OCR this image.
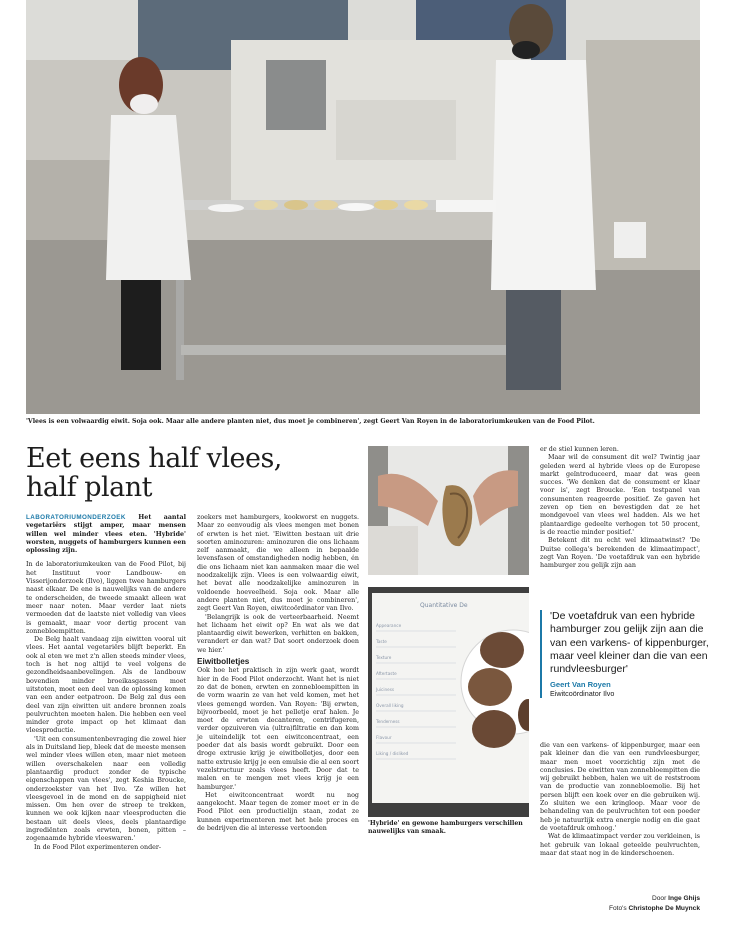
'Vlees is een volwaardig eiwit. Soja ook. Maar alle andere planten niet, dus moet je combineren', zegt Geert Van Royen in de laboratoriumkeuken van de Food Pilot.
Eet eens half vlees,
half plant

LABORATORIUMONDERZOEK Het aantal vegetariërs stijgt amper, maar mensen willen wel minder vlees eten. 'Hybride' worsten, nuggets of hamburgers kunnen een oplossing zijn.

In de laboratoriumkeuken van de Food Pilot, bij het Instituut voor Landbouw- en Visserijonderzoek (Ilvo), liggen twee hamburgers naast elkaar. De ene is nauwelijks van de andere te onderscheiden, de tweede smaakt alleen wat meer naar noten. Maar verder laat niets vermoeden dat de laatste niet volledig van vlees is gemaakt, maar voor dertig procent van zonnebloempitten.

De Belg haalt vandaag zijn eiwitten vooral uit vlees. Het aantal vegetariërs blijft beperkt. En ook al eten we met z'n allen steeds minder vlees, toch is het nog altijd te veel volgens de gezondheidsaanbevelingen. Als de landbouw bovendien minder broeikasgassen moet uitstoten, moet een deel van de oplossing komen van een ander eetpatroon. De Belg zal dus een deel van zijn eiwitten uit andere bronnen zoals peulvruchten moeten halen. Die hebben een veel minder grote impact op het klimaat dan vleesproductie.

'Uit een consumentenbevraging die zowel hier als in Duitsland liep, bleek dat de meeste mensen wel minder vlees willen eten, maar niet meteen willen overschakelen naar een volledig plantaardig product zonder de typische eigenschappen van vlees', zegt Keshia Broucke, onderzoekster van het Ilvo. 'Ze willen het vleesgevoel in de mond en de sappigheid niet missen. Om hen over de streep te trekken, kunnen we ook kijken naar vleesproducten die bestaan uit deels vlees, deels plantaardige ingrediënten zoals erwten, bonen, pitten – zogenaamde hybride vleeswaren.'

In de Food Pilot experimenteren onder-

zoekers met hamburgers, kookworst en nuggets. Maar zo eenvoudig als vlees mengen met bonen of erwten is het niet. 'Eiwitten bestaan uit drie soorten aminozuren: aminozuren die ons lichaam zelf aanmaakt, die we alleen in bepaalde levensfasen of omstandigheden nodig hebben, én die ons lichaam niet kan aanmaken maar die wel noodzakelijk zijn. Vlees is een volwaardig eiwit, het bevat alle noodzakelijke aminozuren in voldoende hoeveelheid. Soja ook. Maar alle andere planten niet, dus moet je combineren', zegt Geert Van Royen, eiwitcoördinator van Ilvo.

'Belangrijk is ook de verteerbaarheid. Neemt het lichaam het eiwit op? En wat als we dat plantaardig eiwit bewerken, verhitten en bakken, verandert er dan wat? Dat soort onderzoek doen we hier.'

Eiwitbolletjes

Ook hoe het praktisch in zijn werk gaat, wordt hier in de Food Pilot onderzocht. Want het is niet zo dat de bonen, erwten en zonnebloempitten in de vorm waarin ze van het veld komen, met het vlees gemengd worden. Van Royen: 'Bij erwten, bijvoorbeeld, moet je het pelletje eraf halen. Je moet de erwten decanteren, centrifugeren, verder opzuiveren via (ultra)filtratie en dan kom je uiteindelijk tot een eiwitconcentraat, een poeder dat als basis wordt gebruikt. Door een droge extrusie krijg je eiwitbolletjes, door een natte extrusie krijg je een emulsie die al een soort vezelstructuur zoals vlees heeft. Door dat te malen en te mengen met vlees krijg je een hamburger.'

Het eiwitconcentraat wordt nu nog aangekocht. Maar tegen de zomer moet er in de Food Pilot een productielijn staan, zodat ze kunnen experimenteren met het hele proces en de bedrijven die al interesse vertoonden

Quantitative De
Appearance
Taste
Texture
Aftertaste
Juiciness
Overall liking
Tenderness
Flavour
Liking / disliked
'Hybride' en gewone hamburgers verschillen nauwelijks van smaak.

er de stiel kunnen leren.

Maar wil de consument dit wel? Twintig jaar geleden werd al hybride vlees op de Europese markt geïntroduceerd, maar dat was geen succes. 'We denken dat de consument er klaar voor is', zegt Broucke. 'Een testpanel van consumenten reageerde positief. Ze gaven het zeven op tien en bevestigden dat ze het mondgevoel van vlees wel hadden. Als we het plantaardige gedeelte verhogen tot 50 procent, is de reactie minder positief.'

Betekent dit nu echt wel klimaatwinst? 'De Duitse collega's berekenden de klimaatimpact', zegt Van Royen. 'De voetafdruk van een hybride hamburger zou gelijk zijn aan

'De voetafdruk van een hybride hamburger zou gelijk zijn aan die van een varkens- of kippenburger, maar veel kleiner dan die van een rundvleesburger'
Geert Van Royen
Eiwitcoördinator Ilvo

die van een varkens- of kippenburger, maar een pak kleiner dan die van een rundvleesburger, maar men moet voorzichtig zijn met de conclusies. De eiwitten van zonnebloempitten die wij gebruikt hebben, halen we uit de reststroom van de productie van zonnebloemolie. Bij het persen blijft een koek over en die gebruiken wij. Zo sluiten we een kringloop. Maar voor de behandeling van de peulvruchten tot een poeder heb je natuurlijk extra energie nodig en die gaat de voetafdruk omhoog.'

Wat de klimaatimpact verder zou verkleinen, is het gebruik van lokaal geteelde peulvruchten, maar dat staat nog in de kinderschoenen.

Door Inge Ghijs
Foto's Christophe De Muynck
